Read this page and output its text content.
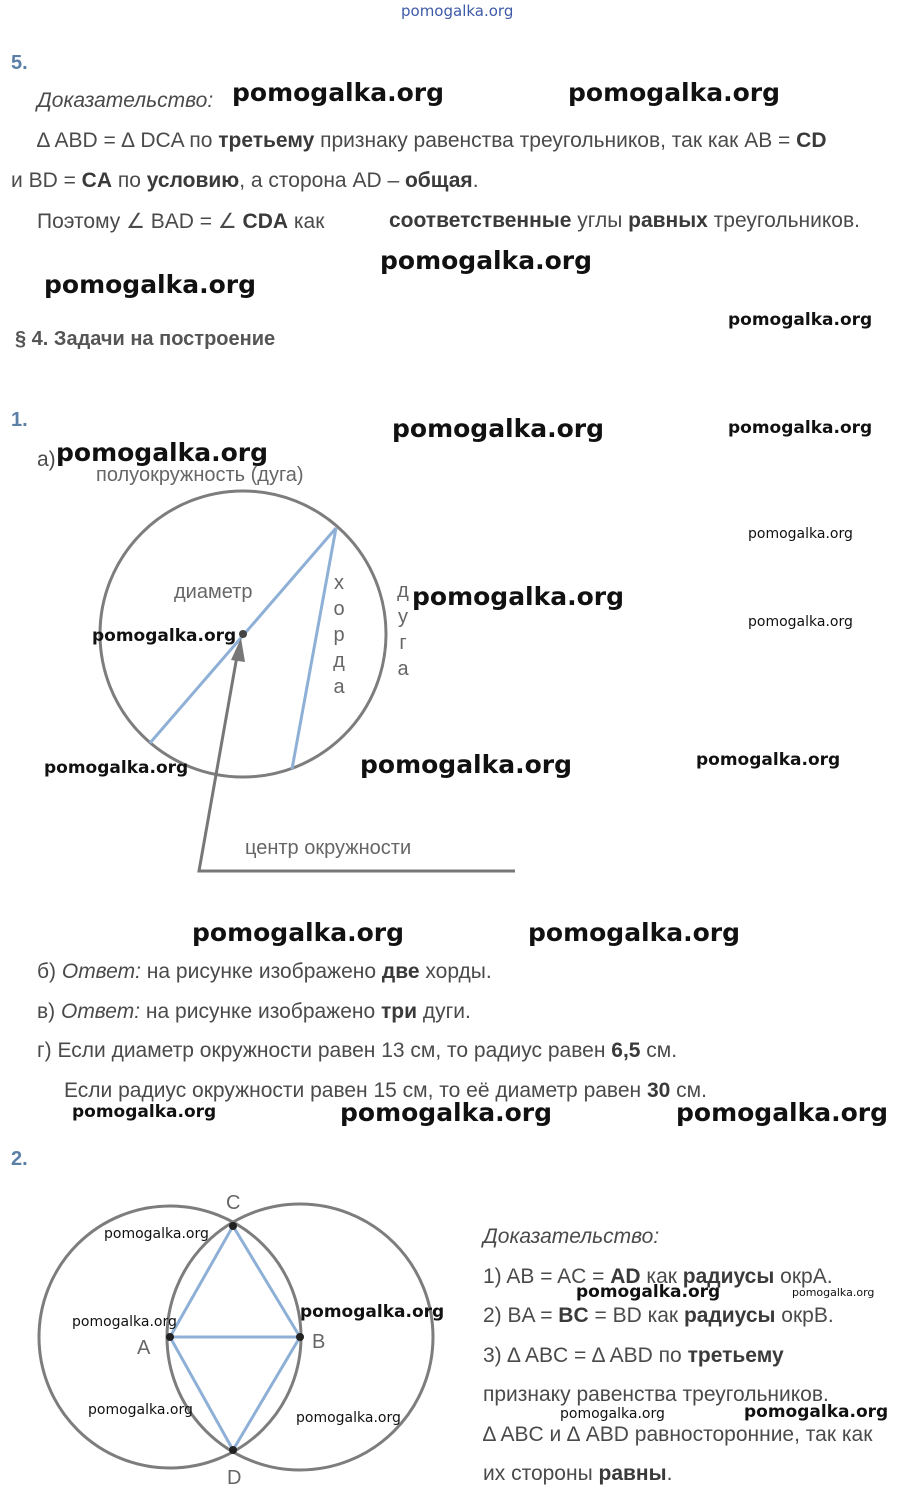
pomogalka.org
5.
Доказательство:
∆ ABD = ∆ DCA по третьему признаку равенства треугольников, так как AB = CD
и BD = CA по условию, а сторона AD – общая.
Поэтому ∠ BAD = ∠ CDA как	соответственные углы равных треугольников.
§ 4. Задачи на построение
1.
а)
полуокружность (дуга)
диаметр	х
о
р
д
а
д
у
г
а
центр окружности
б) Ответ: на рисунке изображено две хорды.
в) Ответ: на рисунке изображено три дуги.
г) Если диаметр окружности равен 13 см, то радиус равен 6,5 см.
Если радиус окружности равен 15 см, то её диаметр равен 30 см.
2.
C
A	B
D
Доказательство:
1) AB = AC = AD как радиусы окрA.
2) BA = BC = BD как радиусы окрB.
3) ∆ ABC = ∆ ABD по третьему
признаку равенства треугольников.
∆ ABC и ∆ ABD равносторонние, так как
их стороны равны.
pomogalka.org	pomogalka.org
pomogalka.org
pomogalka.org
pomogalka.org
pomogalka.org	pomogalka.org
pomogalka.org
pomogalka.org
pomogalka.org
pomogalka.org
pomogalka.org
pomogalka.org
pomogalka.org
pomogalka.org
pomogalka.org	pomogalka.org
pomogalka.org	pomogalka.org	pomogalka.org
pomogalka.org
pomogalka.org	pomogalka.org
pomogalka.org
pomogalka.org
pomogalka.org	pomogalka.org
pomogalka.org
pomogalka.org
